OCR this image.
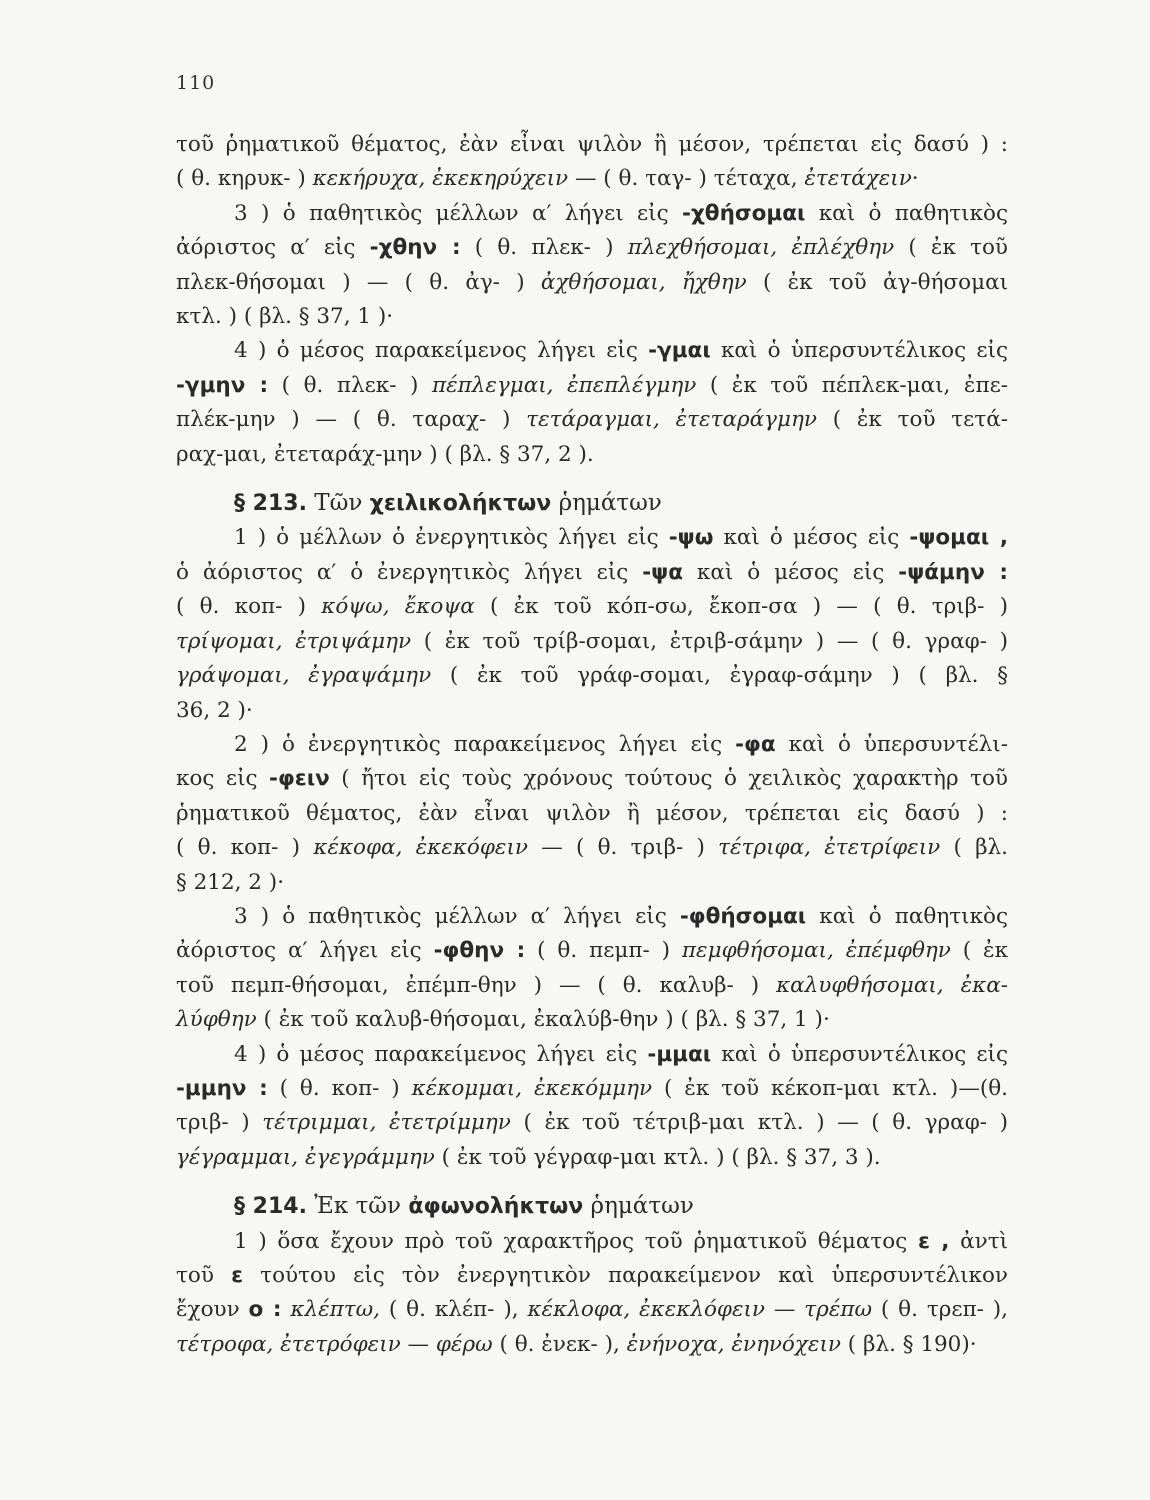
110
τοῦ ῥηματικοῦ θέματος, ἐὰν εἶναι ψιλὸν ἢ μέσον, τρέπεται εἰς δασύ ) :
( θ. κηρυκ- ) κεκήρυχα, ἐκεκηρύχειν — ( θ. ταγ- ) τέταχα, ἐτετάχειν·
3 ) ὁ παθητικὸς μέλλων α′ λήγει εἰς -χθήσομαι καὶ ὁ παθητικὸς
ἀόριστος α′ εἰς -χθην : ( θ. πλεκ- ) πλεχθήσομαι, ἐπλέχθην ( ἐκ τοῦ
πλεκ-θήσομαι ) — ( θ. ἀγ- ) ἀχθήσομαι, ἤχθην ( ἐκ τοῦ ἀγ-θήσομαι
κτλ. ) ( βλ. § 37, 1 )·
4 ) ὁ μέσος παρακείμενος λήγει εἰς -γμαι καὶ ὁ ὑπερσυντέλικος εἰς
-γμην : ( θ. πλεκ- ) πέπλεγμαι, ἐπεπλέγμην ( ἐκ τοῦ πέπλεκ-μαι, ἐπε-
πλέκ-μην ) — ( θ. ταραχ- ) τετάραγμαι, ἐτεταράγμην ( ἐκ τοῦ τετά-
ραχ-μαι, ἐτεταράχ-μην ) ( βλ. § 37, 2 ).
§ 213. Τῶν χειλικολήκτων ῥημάτων
1 ) ὁ μέλλων ὁ ἐνεργητικὸς λήγει εἰς -ψω καὶ ὁ μέσος εἰς -ψομαι ,
ὁ ἀόριστος α′ ὁ ἐνεργητικὸς λήγει εἰς -ψα καὶ ὁ μέσος εἰς -ψάμην :
( θ. κοπ- ) κόψω, ἔκοψα ( ἐκ τοῦ κόπ-σω, ἔκοπ-σα ) — ( θ. τριβ- )
τρίψομαι, ἐτριψάμην ( ἐκ τοῦ τρίβ-σομαι, ἐτριβ-σάμην ) — ( θ. γραφ- )
γράψομαι, ἐγραψάμην ( ἐκ τοῦ γράφ-σομαι, ἐγραφ-σάμην ) ( βλ. §
36, 2 )·
2 ) ὁ ἐνεργητικὸς παρακείμενος λήγει εἰς -φα καὶ ὁ ὑπερσυντέλι-
κος εἰς -φειν ( ἤτοι εἰς τοὺς χρόνους τούτους ὁ χειλικὸς χαρακτὴρ τοῦ
ῥηματικοῦ θέματος, ἐὰν εἶναι ψιλὸν ἢ μέσον, τρέπεται εἰς δασύ ) :
( θ. κοπ- ) κέκοφα, ἐκεκόφειν — ( θ. τριβ- ) τέτριφα, ἐτετρίφειν ( βλ.
§ 212, 2 )·
3 ) ὁ παθητικὸς μέλλων α′ λήγει εἰς -φθήσομαι καὶ ὁ παθητικὸς
ἀόριστος α′ λήγει εἰς -φθην : ( θ. πεμπ- ) πεμφθήσομαι, ἐπέμφθην ( ἐκ
τοῦ πεμπ-θήσομαι, ἐπέμπ-θην ) — ( θ. καλυβ- ) καλυφθήσομαι, ἐκα-
λύφθην ( ἐκ τοῦ καλυβ-θήσομαι, ἐκαλύβ-θην ) ( βλ. § 37, 1 )·
4 ) ὁ μέσος παρακείμενος λήγει εἰς -μμαι καὶ ὁ ὑπερσυντέλικος εἰς
-μμην : ( θ. κοπ- ) κέκομμαι, ἐκεκόμμην ( ἐκ τοῦ κέκοπ-μαι κτλ. )—(θ.
τριβ- ) τέτριμμαι, ἐτετρίμμην ( ἐκ τοῦ τέτριβ-μαι κτλ. ) — ( θ. γραφ- )
γέγραμμαι, ἐγεγράμμην ( ἐκ τοῦ γέγραφ-μαι κτλ. ) ( βλ. § 37, 3 ).
§ 214. Ἐκ τῶν ἀφωνολήκτων ῥημάτων
1 ) ὅσα ἔχουν πρὸ τοῦ χαρακτῆρος τοῦ ῥηματικοῦ θέματος ε , ἀντὶ
τοῦ ε τούτου εἰς τὸν ἐνεργητικὸν παρακείμενον καὶ ὑπερσυντέλικον
ἔχουν ο : κλέπτω, ( θ. κλέπ- ), κέκλοφα, ἐκεκλόφειν — τρέπω ( θ. τρεπ- ),
τέτροφα, ἐτετρόφειν — φέρω ( θ. ἐνεκ- ), ἐνήνοχα, ἐνηνόχειν ( βλ. § 190)·
